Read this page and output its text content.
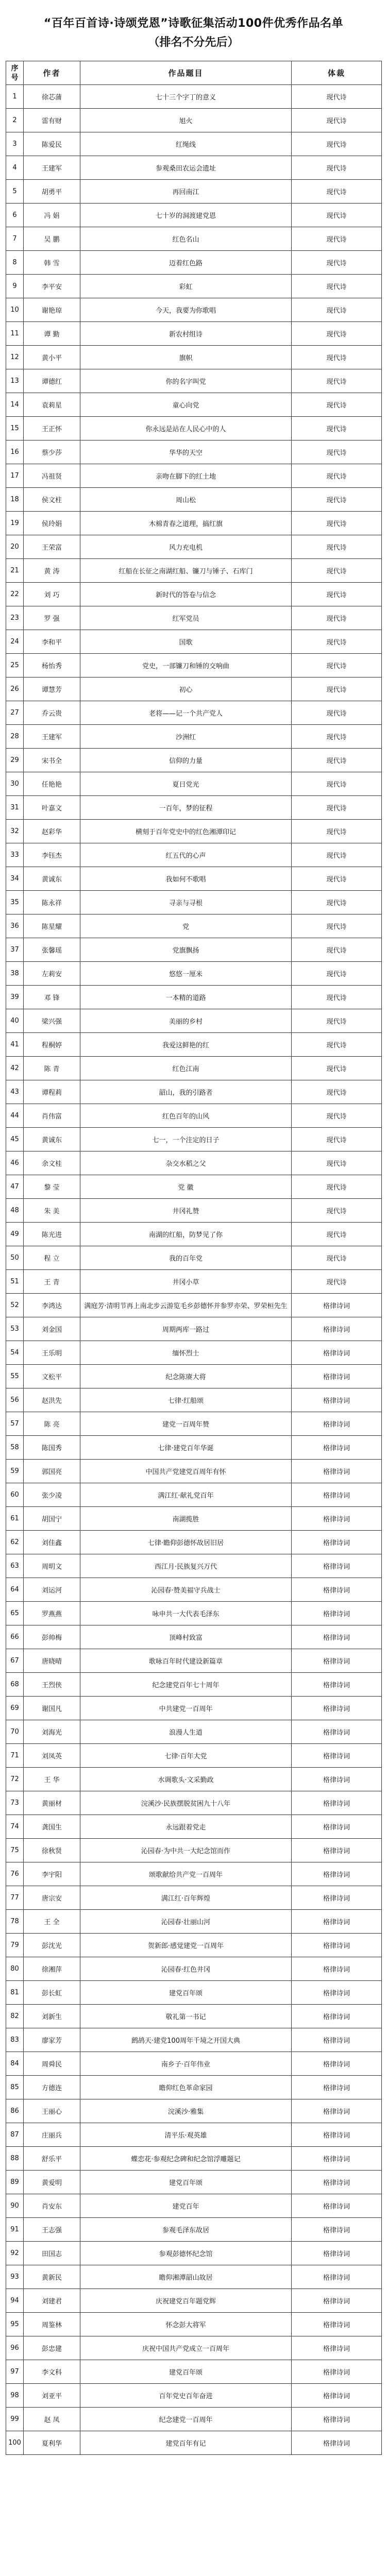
“百年百首诗·诗颂党恩”诗歌征集活动100件优秀作品名单
（排名不分先后）
序号	作者	作品题目	体裁
1	徐芯蒲	七十三个字丁的意义	现代诗
2	雷有财	旭火	现代诗
3	陈爱民	红绳线	现代诗
4	王建军	参观桑田农运会遗址	现代诗
5	胡勇平	再回南江	现代诗
6	冯 娟	七十岁的洞渡建党恩	现代诗
7	吴 鹏	红色名山	现代诗
8	韩 雪	迈着红色路	现代诗
9	李平安	彩虹	现代诗
10	谢艳琼	今天，我要为你歌唱	现代诗
11	谭 勤	新农村组诗	现代诗
12	黄小平	旗帜	现代诗
13	谭德红	你的名字叫党	现代诗
14	袁莉星	童心向党	现代诗
15	王正怀	你永远是站在人民心中的人	现代诗
16	蔡少莎	华华的天空	现代诗
17	冯祖贤	亲吻在脚下的红土地	现代诗
18	侯文柱	周山松	现代诗
19	侯玲娟	木棉青春之道理，搞红旗	现代诗
20	王荣富	风力充电机	现代诗
21	黄 涛	红船在长征之南湖红船、镰刀与锤子、石库门	现代诗
22	刘 巧	新时代的答卷与信念	现代诗
23	罗 强	红军党员	现代诗
24	李和平	国歌	现代诗
25	杨怡秀	党史，一部镰刀和锤的交响曲	现代诗
26	谭慧芳	初心	现代诗
27	乔云贵	老将——记一个共产党人	现代诗
28	王建军	沙洲红	现代诗
29	宋书全	信仰的力量	现代诗
30	任艳艳	夏日党光	现代诗
31	叶嘉文	一百年，梦的征程	现代诗
32	赵彩华	横刻于百年党史中的红色湘潭印记	现代诗
33	李钰杰	红五代的心声	现代诗
34	黄诚东	我如何不歌唱	现代诗
35	陈永祥	寻亲与寻根	现代诗
36	陈星耀	党	现代诗
37	张馨瑶	党旗飘扬	现代诗
38	左莉安	悠悠一厘米	现代诗
39	邓 锋	一本精的道路	现代诗
40	梁兴强	美丽的乡村	现代诗
41	程桐婷	我爱这鲜艳的红	现代诗
42	陈 青	红色江南	现代诗
43	谭程莉	韶山，我的引路者	现代诗
44	肖伟富	红色百年的山风	现代诗
45	黄诚东	七一，一个注定的日子	现代诗
46	余文桂	杂交水稻之父	现代诗
47	黎 莹	党 徽	现代诗
48	朱 美	井冈礼赞	现代诗
49	陈光进	南湖的红船，防梦见了你	现代诗
50	程 立	我的百年党	现代诗
51	王 青	井冈小草	现代诗
52	李鸿达	满庭芳·清明节再上南北步云游览毛乡彭德怀并参罗亦荣、罗荣桓先生	格律诗词
53	刘金国	周期两库一路过	格律诗词
54	王乐明	缅怀烈士	格律诗词
55	文松平	纪念陈赓大将	格律诗词
56	赵洪先	七律·红船颂	格律诗词
57	陈 亮	建党一百周年赞	格律诗词
58	陈国秀	七律·建党百年华诞	格律诗词
59	郭国亮	中国共产党建党百周年有怀	格律诗词
60	张少凌	满江红·献礼党百年	格律诗词
61	胡国宁	南湖揽胜	格律诗词
62	刘佳鑫	七律·瞻仰彭德怀故居旧居	格律诗词
63	周明文	西江月·民族复兴万代	格律诗词
64	刘运河	沁园春·赞美福守兵战士	格律诗词
65	罗燕燕	咏申共一大代表毛泽东	格律诗词
66	彭帅梅	顶峰村致富	格律诗词
67	唐晓晴	歌咏百年时代建设新篇章	格律诗词
68	王烈侠	纪念建党百年七十周年	格律诗词
69	谢国凡	中共建党一百周年	格律诗词
70	刘海光	浪漫人生道	格律诗词
71	刘凤英	七律·百年大党	格律诗词
72	王 华	水调歌头·文采勤政	格律诗词
73	黄丽材	浣溪沙·民族摆脱贫困九十八年	格律诗词
74	龚国生	永远跟着党走	格律诗词
75	徐秋贤	沁园春·为中共一大纪念馆而作	格律诗词
76	李宇阳	颂歌献给共产党一百周年	格律诗词
77	唐宗安	满江红·百年辉煌	格律诗词
78	王 全	沁园春·壮丽山河	格律诗词
79	彭沈光	贺新郎·感觉建党一百周年	格律诗词
80	徐湘萍	沁园春·红色井冈	格律诗词
81	彭长虹	建党百年颂	格律诗词
82	刘新生	敬礼第一书记	格律诗词
83	廖家芳	鹧鸪天·建党100周年千境之开国大典	格律诗词
84	周舜民	南乡子·百年伟业	格律诗词
85	方德连	瞻仰红色革命家园	格律诗词
86	王丽心	浣溪沙·雅集	格律诗词
87	庄丽兵	清平乐·观英雄	格律诗词
88	舒乐平	蝶恋花·参观纪念碑和纪念馆浮雕题记	格律诗词
89	黄爱明	建党百年颂	格律诗词
90	肖安东	建党百年	格律诗词
91	王志强	参观毛泽东故居	格律诗词
92	田国志	参观彭德怀纪念馆	格律诗词
93	黄新民	瞻仰湘潭韶山故居	格律诗词
94	刘建君	庆祝建党百年题党辉	格律诗词
95	周鉴林	怀念彭大将军	格律诗词
96	彭忠建	庆祝中国共产党成立一百周年	格律诗词
97	李文科	建党百年颂	格律诗词
98	刘亚平	百年党史百年奋进	格律诗词
99	赵 凤	纪念建党一百周年	格律诗词
100	夏利华	建党百年有记	格律诗词
